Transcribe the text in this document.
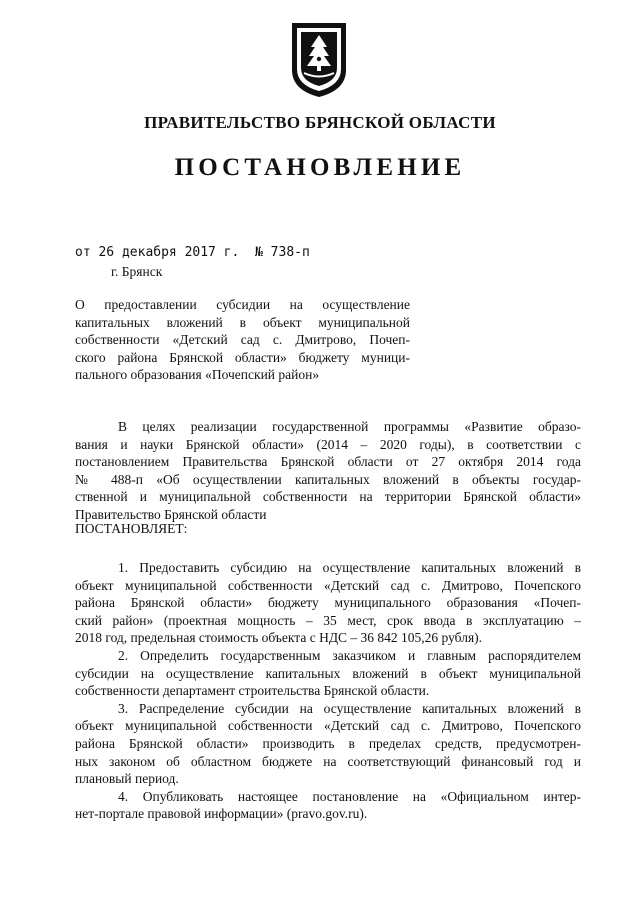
ПРАВИТЕЛЬСТВО БРЯНСКОЙ ОБЛАСТИ
ПОСТАНОВЛЕНИЕ
от 26 декабря 2017 г. № 738-п
г. Брянск
О предоставлении субсидии на осуществление
капитальных вложений в объект муниципальной
собственности «Детский сад с. Дмитрово, Почеп-
ского района Брянской области» бюджету муници-
пального образования «Почепский район»
В целях реализации государственной программы «Развитие образо-
вания и науки Брянской области» (2014 – 2020 годы), в соответствии с
постановлением Правительства Брянской области от 27 октября 2014 года
№ 488-п «Об осуществлении капитальных вложений в объекты государ-
ственной и муниципальной собственности на территории Брянской области»
Правительство Брянской области
ПОСТАНОВЛЯЕТ:
1. Предоставить субсидию на осуществление капитальных вложений в
объект муниципальной собственности «Детский сад с. Дмитрово, Почепского
района Брянской области» бюджету муниципального образования «Почеп-
ский район» (проектная мощность – 35 мест, срок ввода в эксплуатацию –
2018 год, предельная стоимость объекта с НДС – 36 842 105,26 рубля).
2. Определить государственным заказчиком и главным распорядителем
субсидии на осуществление капитальных вложений в объект муниципальной
собственности департамент строительства Брянской области.
3. Распределение субсидии на осуществление капитальных вложений в
объект муниципальной собственности «Детский сад с. Дмитрово, Почепского
района Брянской области» производить в пределах средств, предусмотрен-
ных законом об областном бюджете на соответствующий финансовый год и
плановый период.
4. Опубликовать настоящее постановление на «Официальном интер-
нет-портале правовой информации» (pravo.gov.ru).
